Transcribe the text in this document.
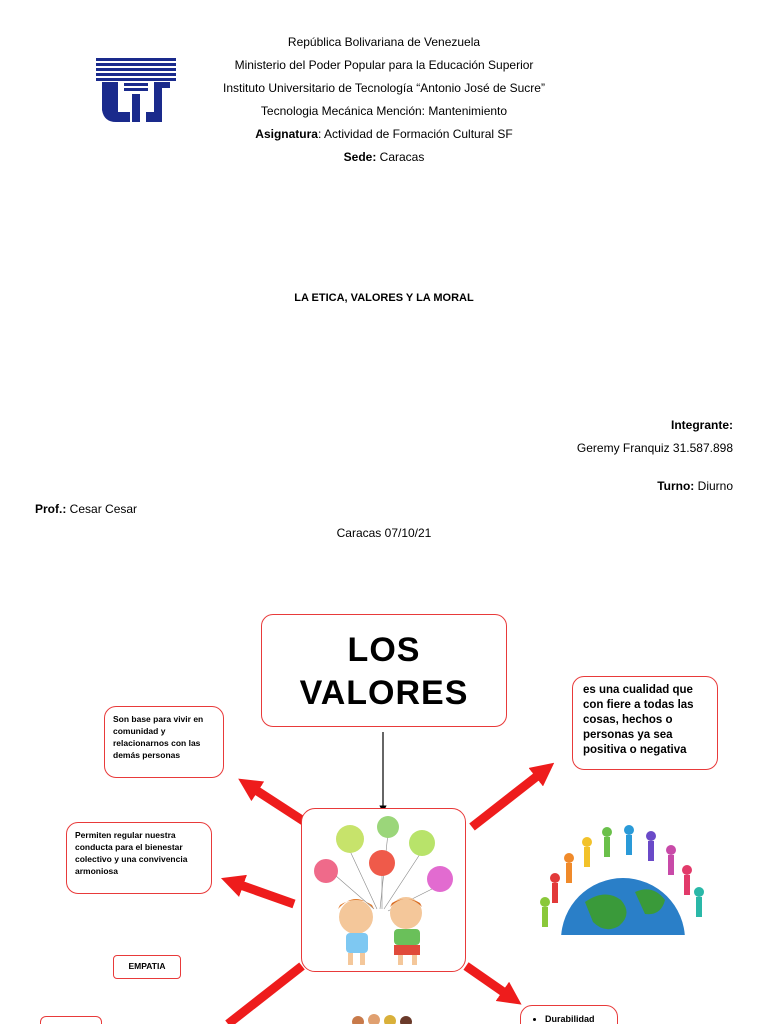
República Bolivariana de Venezuela
Ministerio del Poder Popular para la Educación Superior
Instituto Universitario de Tecnología “Antonio José de Sucre”
Tecnologia Mecánica Mención: Mantenimiento
Asignatura: Actividad de Formación Cultural SF
Sede: Caracas
LA ETICA, VALORES Y LA MORAL
Integrante:
Geremy Franquiz 31.587.898
Turno: Diurno
Prof.: Cesar Cesar
Caracas 07/10/21
LOS
VALORES	es una cualidad que con fiere a todas las cosas, hechos o personas ya sea positiva o negativa
Son base para vivir en comunidad y relacionarnos con las demás personas
Permiten regular nuestra conducta para el bienestar colectivo y una convivencia armoniosa
EMPATIA
• Durabilidad
